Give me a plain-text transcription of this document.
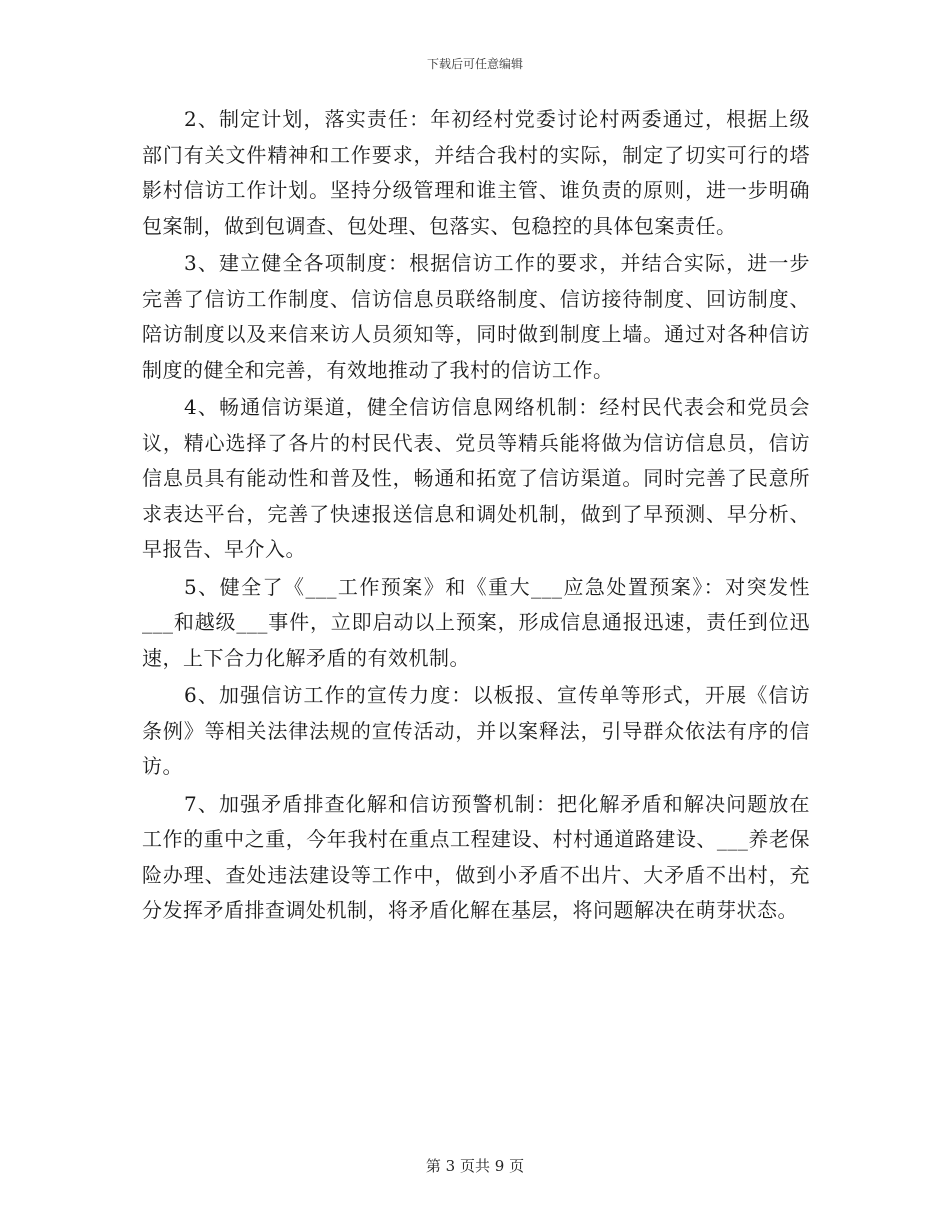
下载后可任意编辑

2、制定计划，落实责任：年初经村党委讨论村两委通过，根据上级部门有关文件精神和工作要求，并结合我村的实际，制定了切实可行的塔影村信访工作计划。坚持分级管理和谁主管、谁负责的原则，进一步明确包案制，做到包调查、包处理、包落实、包稳控的具体包案责任。

3、建立健全各项制度：根据信访工作的要求，并结合实际，进一步完善了信访工作制度、信访信息员联络制度、信访接待制度、回访制度、陪访制度以及来信来访人员须知等，同时做到制度上墙。通过对各种信访制度的健全和完善，有效地推动了我村的信访工作。

4、畅通信访渠道，健全信访信息网络机制：经村民代表会和党员会议，精心选择了各片的村民代表、党员等精兵能将做为信访信息员，信访信息员具有能动性和普及性，畅通和拓宽了信访渠道。同时完善了民意所求表达平台，完善了快速报送信息和调处机制，做到了早预测、早分析、早报告、早介入。

5、健全了《___工作预案》和《重大___应急处置预案》：对突发性___和越级___事件，立即启动以上预案，形成信息通报迅速，责任到位迅速，上下合力化解矛盾的有效机制。

6、加强信访工作的宣传力度：以板报、宣传单等形式，开展《信访条例》等相关法律法规的宣传活动，并以案释法，引导群众依法有序的信访。

7、加强矛盾排查化解和信访预警机制：把化解矛盾和解决问题放在工作的重中之重，今年我村在重点工程建设、村村通道路建设、___养老保险办理、查处违法建设等工作中，做到小矛盾不出片、大矛盾不出村，充分发挥矛盾排查调处机制，将矛盾化解在基层，将问题解决在萌芽状态。

第 3 页共 9 页
